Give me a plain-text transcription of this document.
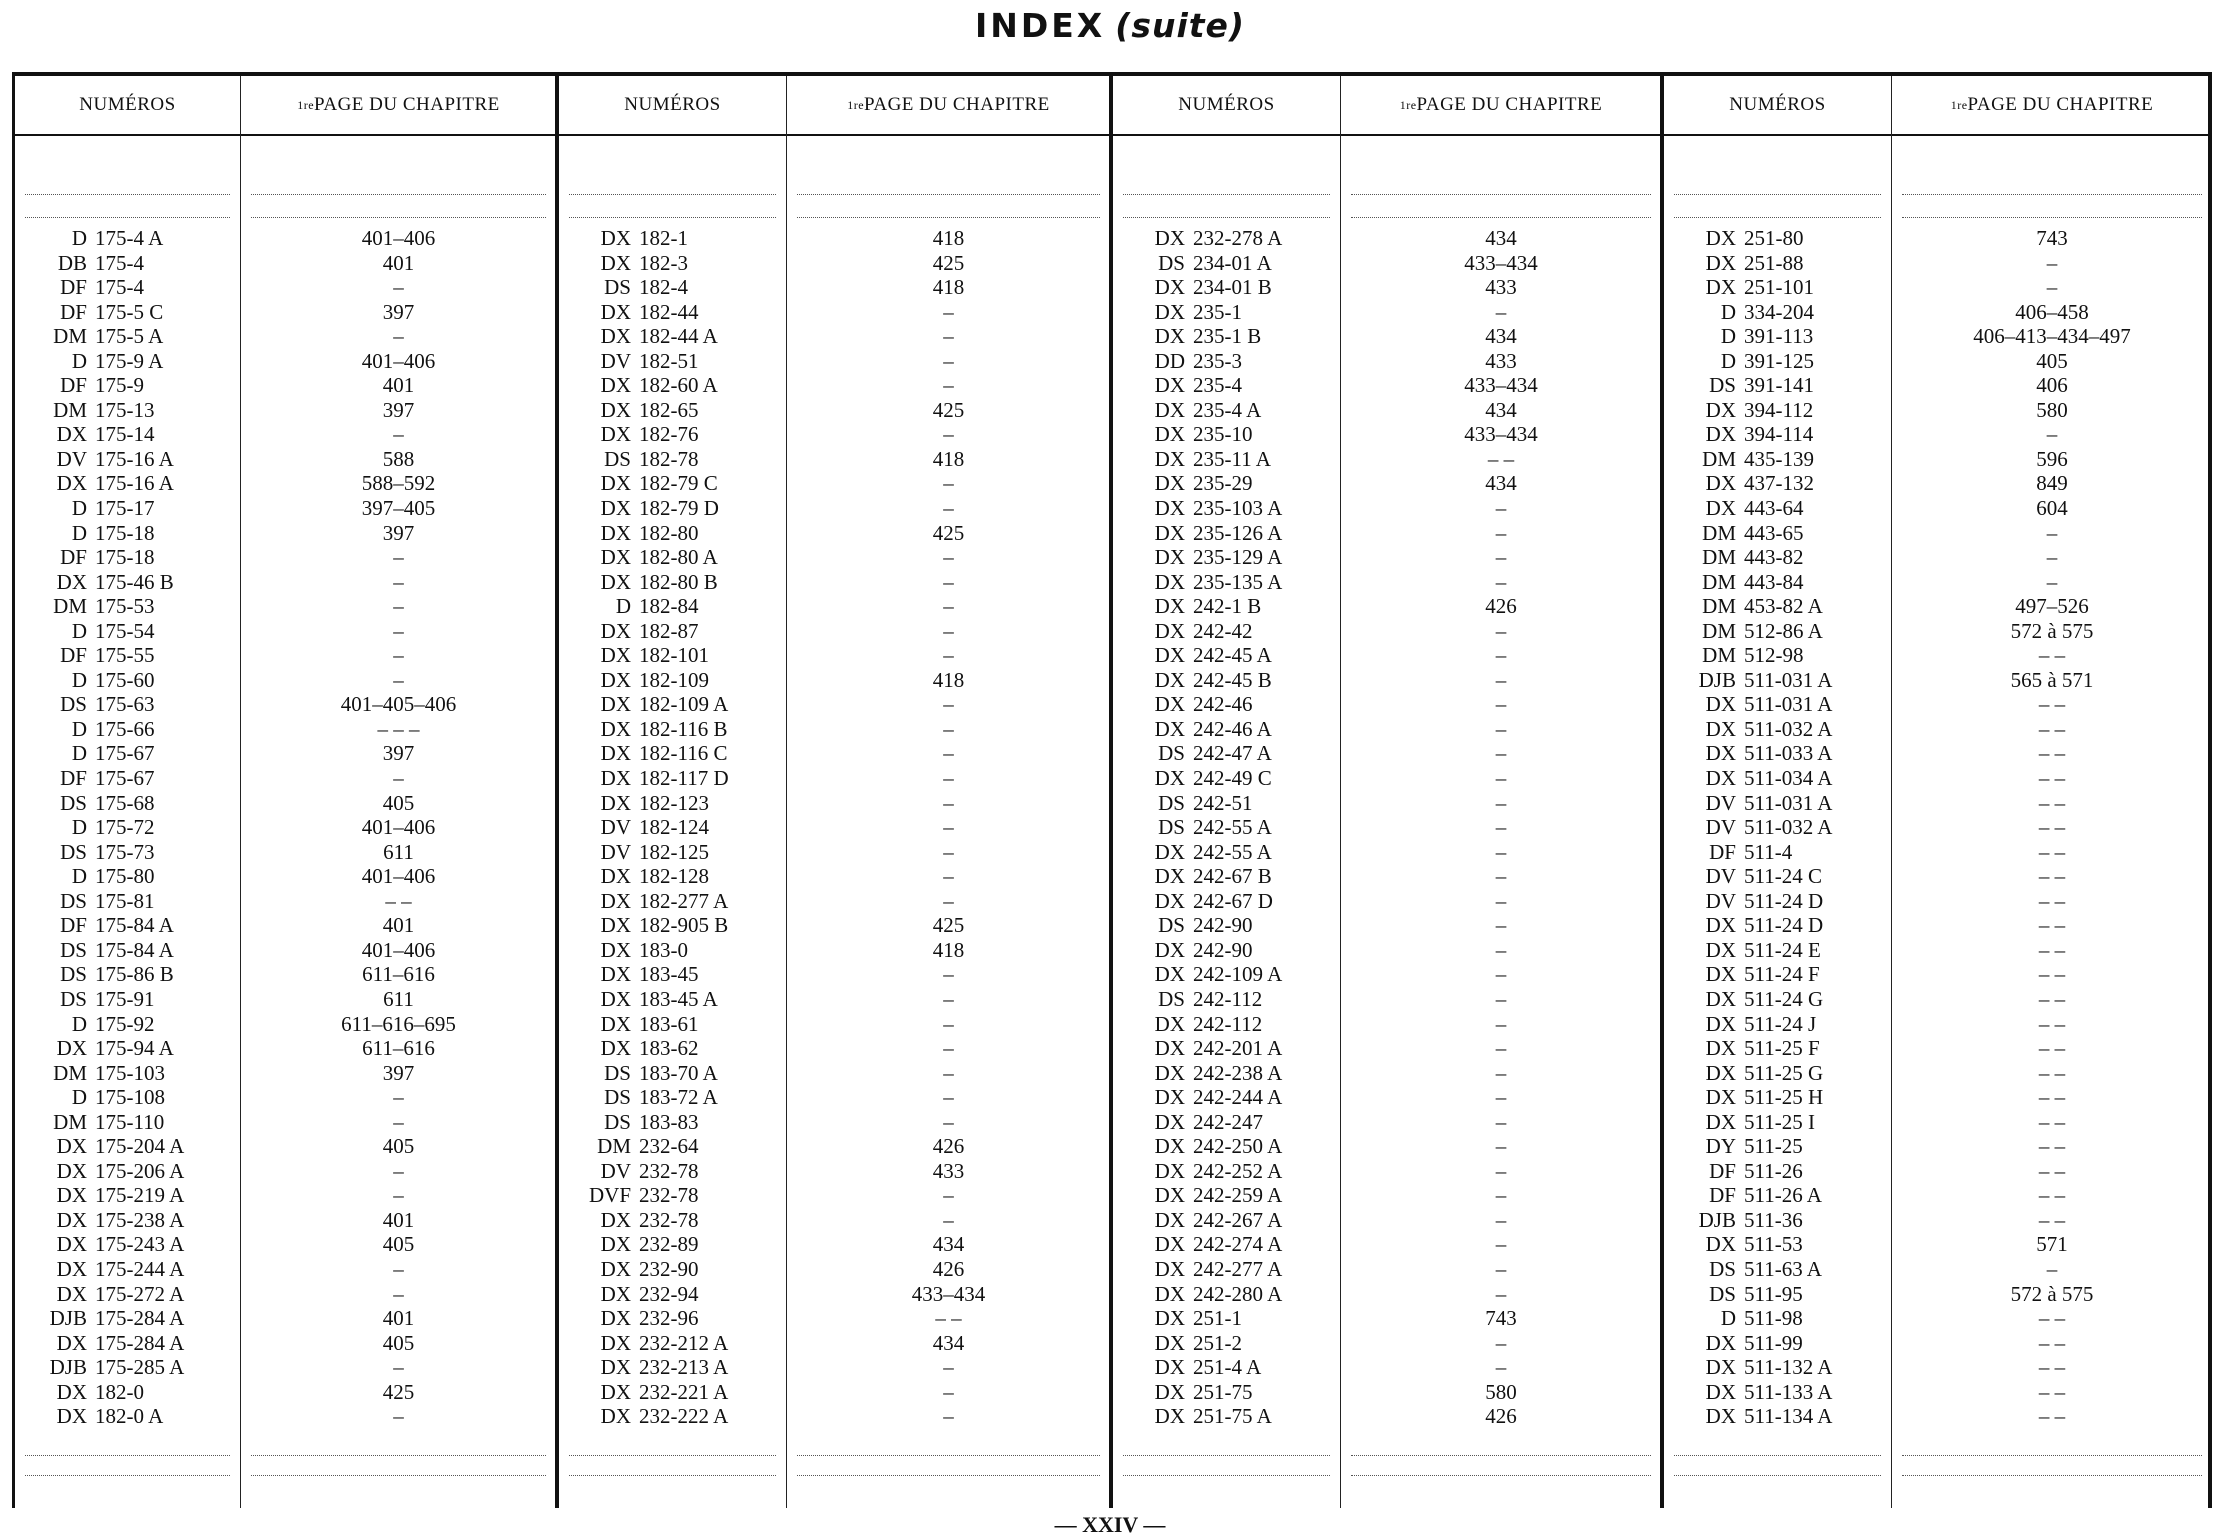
INDEX (suite)
NUMÉROS
D 175-4 A
DB 175-4
DF 175-4
DF 175-5 C
DM 175-5 A
D 175-9 A
DF 175-9
DM 175-13
DX 175-14
DV 175-16 A
DX 175-16 A
D 175-17
D 175-18
DF 175-18
DX 175-46 B
DM 175-53
D 175-54
DF 175-55
D 175-60
DS 175-63
D 175-66
D 175-67
DF 175-67
DS 175-68
D 175-72
DS 175-73
D 175-80
DS 175-81
DF 175-84 A
DS 175-84 A
DS 175-86 B
DS 175-91
D 175-92
DX 175-94 A
DM 175-103
D 175-108
DM 175-110
DX 175-204 A
DX 175-206 A
DX 175-219 A
DX 175-238 A
DX 175-243 A
DX 175-244 A
DX 175-272 A
DJB 175-284 A
DX 175-284 A
DJB 175-285 A
DX 182-0
DX 182-0 A
1re PAGE DU CHAPITRE
401–406
401
–
397
–
401–406
401
397
–
588
588–592
397–405
397
–
–
–
–
–
–
401–405–406
– – –
397
–
405
401–406
611
401–406
– –
401
401–406
611–616
611
611–616–695
611–616
397
–
–
405
–
–
401
405
–
–
401
405
–
425
–
NUMÉROS
DX 182-1
DX 182-3
DS 182-4
DX 182-44
DX 182-44 A
DV 182-51
DX 182-60 A
DX 182-65
DX 182-76
DS 182-78
DX 182-79 C
DX 182-79 D
DX 182-80
DX 182-80 A
DX 182-80 B
D 182-84
DX 182-87
DX 182-101
DX 182-109
DX 182-109 A
DX 182-116 B
DX 182-116 C
DX 182-117 D
DX 182-123
DV 182-124
DV 182-125
DX 182-128
DX 182-277 A
DX 182-905 B
DX 183-0
DX 183-45
DX 183-45 A
DX 183-61
DX 183-62
DS 183-70 A
DS 183-72 A
DS 183-83
DM 232-64
DV 232-78
DVF 232-78
DX 232-78
DX 232-89
DX 232-90
DX 232-94
DX 232-96
DX 232-212 A
DX 232-213 A
DX 232-221 A
DX 232-222 A
1re PAGE DU CHAPITRE
418
425
418
–
–
–
–
425
–
418
–
–
425
–
–
–
–
–
418
–
–
–
–
–
–
–
–
–
425
418
–
–
–
–
–
–
–
426
433
–
–
434
426
433–434
– –
434
–
–
–
NUMÉROS
DX 232-278 A
DS 234-01 A
DX 234-01 B
DX 235-1
DX 235-1 B
DD 235-3
DX 235-4
DX 235-4 A
DX 235-10
DX 235-11 A
DX 235-29
DX 235-103 A
DX 235-126 A
DX 235-129 A
DX 235-135 A
DX 242-1 B
DX 242-42
DX 242-45 A
DX 242-45 B
DX 242-46
DX 242-46 A
DS 242-47 A
DX 242-49 C
DS 242-51
DS 242-55 A
DX 242-55 A
DX 242-67 B
DX 242-67 D
DS 242-90
DX 242-90
DX 242-109 A
DS 242-112
DX 242-112
DX 242-201 A
DX 242-238 A
DX 242-244 A
DX 242-247
DX 242-250 A
DX 242-252 A
DX 242-259 A
DX 242-267 A
DX 242-274 A
DX 242-277 A
DX 242-280 A
DX 251-1
DX 251-2
DX 251-4 A
DX 251-75
DX 251-75 A
1re PAGE DU CHAPITRE
434
433–434
433
–
434
433
433–434
434
433–434
– –
434
–
–
–
–
426
–
–
–
–
–
–
–
–
–
–
–
–
–
–
–
–
–
–
–
–
–
–
–
–
–
–
–
–
743
–
–
580
426
NUMÉROS
DX 251-80
DX 251-88
DX 251-101
D 334-204
D 391-113
D 391-125
DS 391-141
DX 394-112
DX 394-114
DM 435-139
DX 437-132
DX 443-64
DM 443-65
DM 443-82
DM 443-84
DM 453-82 A
DM 512-86 A
DM 512-98
DJB 511-031 A
DX 511-031 A
DX 511-032 A
DX 511-033 A
DX 511-034 A
DV 511-031 A
DV 511-032 A
DF 511-4
DV 511-24 C
DV 511-24 D
DX 511-24 D
DX 511-24 E
DX 511-24 F
DX 511-24 G
DX 511-24 J
DX 511-25 F
DX 511-25 G
DX 511-25 H
DX 511-25 I
DY 511-25
DF 511-26
DF 511-26 A
DJB 511-36
DX 511-53
DS 511-63 A
DS 511-95
D 511-98
DX 511-99
DX 511-132 A
DX 511-133 A
DX 511-134 A
1re PAGE DU CHAPITRE
743
–
–
406–458
406–413–434–497
405
406
580
–
596
849
604
–
–
–
497–526
572 à 575
– –
565 à 571
– –
– –
– –
– –
– –
– –
– –
– –
– –
– –
– –
– –
– –
– –
– –
– –
– –
– –
– –
– –
– –
– –
571
–
572 à 575
– –
– –
– –
– –
– –
— XXIV —
